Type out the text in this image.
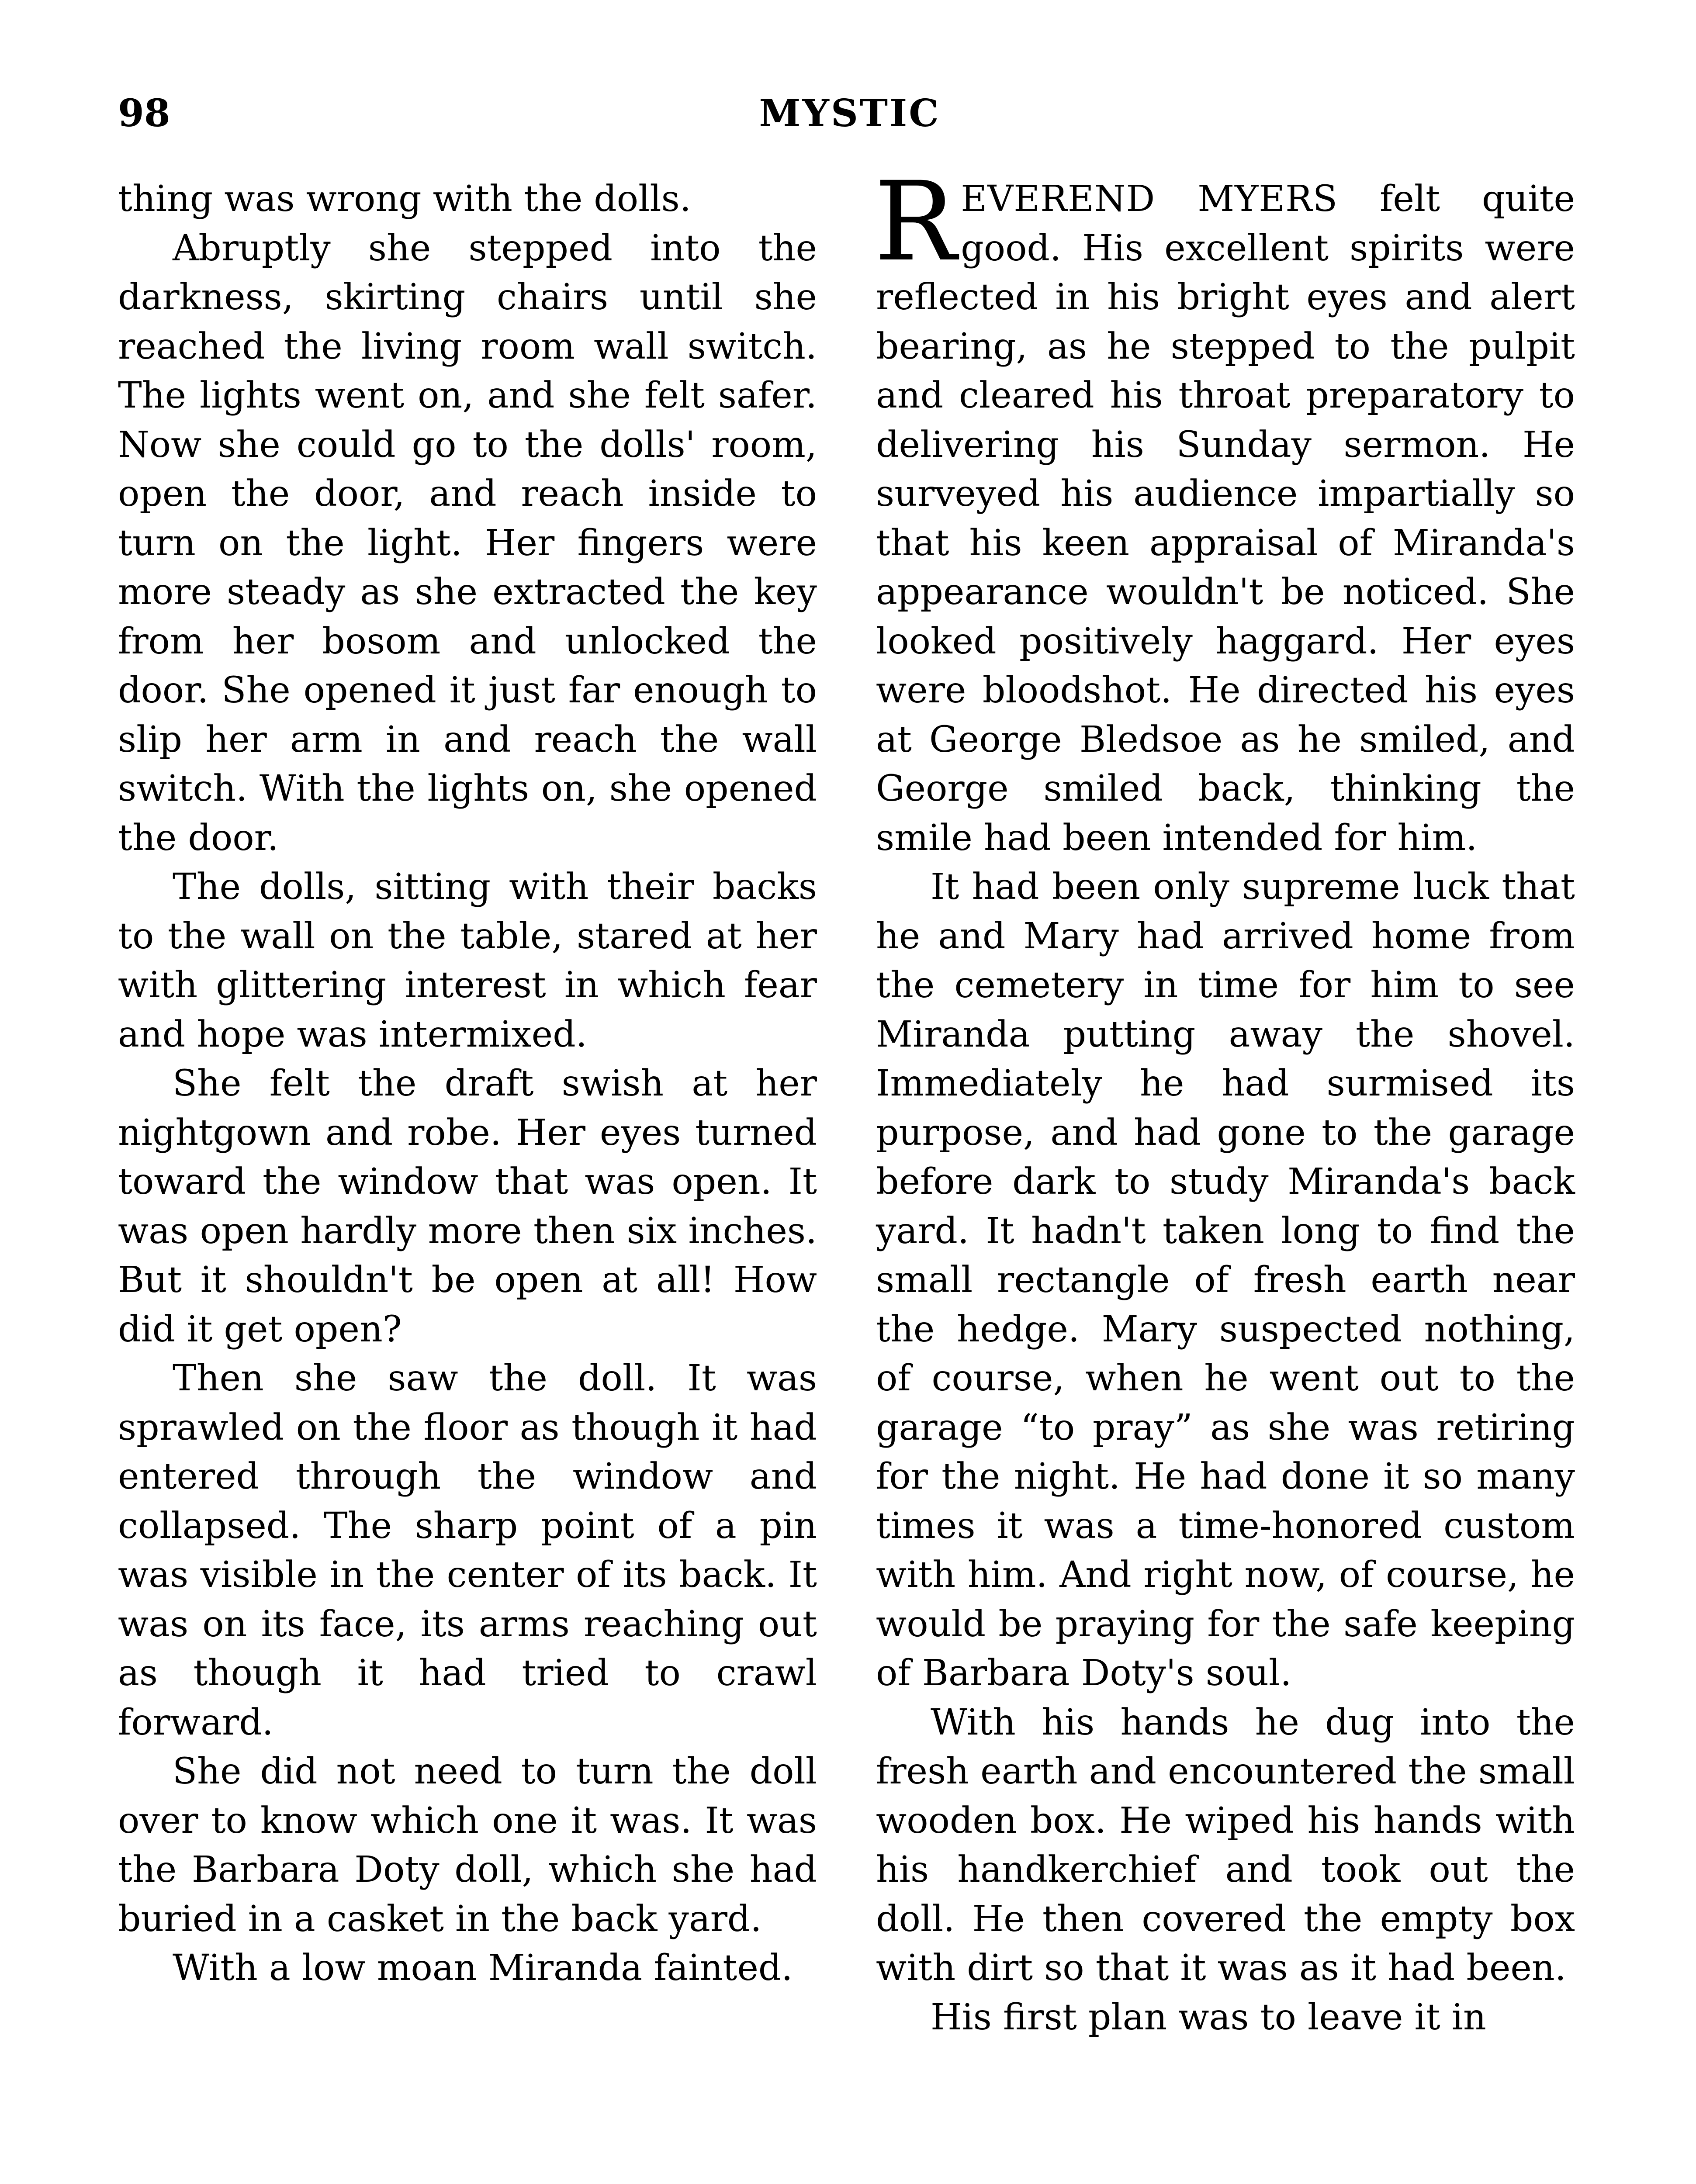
98	MYSTIC

thing was wrong with the dolls.

Abruptly she stepped into the darkness, skirting chairs until she reached the living room wall switch. The lights went on, and she felt safer. Now she could go to the dolls' room, open the door, and reach inside to turn on the light. Her fingers were more steady as she extracted the key from her bosom and unlocked the door. She opened it just far enough to slip her arm in and reach the wall switch. With the lights on, she opened the door.

The dolls, sitting with their backs to the wall on the table, stared at her with glittering interest in which fear and hope was intermixed.

She felt the draft swish at her nightgown and robe. Her eyes turned toward the window that was open. It was open hardly more then six inches. But it shouldn't be open at all! How did it get open?

Then she saw the doll. It was sprawled on the floor as though it had entered through the window and collapsed. The sharp point of a pin was visible in the center of its back. It was on its face, its arms reaching out as though it had tried to crawl forward.

She did not need to turn the doll over to know which one it was. It was the Barbara Doty doll, which she had buried in a casket in the back yard.

With a low moan Miranda fainted.

REVEREND MYERS felt quite good. His excellent spirits were reflected in his bright eyes and alert bearing, as he stepped to the pulpit and cleared his throat preparatory to delivering his Sunday sermon. He surveyed his audience impartially so that his keen appraisal of Miranda's appearance wouldn't be noticed. She looked positively haggard. Her eyes were bloodshot. He directed his eyes at George Bledsoe as he smiled, and George smiled back, thinking the smile had been intended for him.

It had been only supreme luck that he and Mary had arrived home from the cemetery in time for him to see Miranda putting away the shovel. Immediately he had surmised its purpose, and had gone to the garage before dark to study Miranda's back yard. It hadn't taken long to find the small rectangle of fresh earth near the hedge. Mary suspected nothing, of course, when he went out to the garage “to pray” as she was retiring for the night. He had done it so many times it was a time-honored custom with him. And right now, of course, he would be praying for the safe keeping of Barbara Doty's soul.

With his hands he dug into the fresh earth and encountered the small wooden box. He wiped his hands with his handkerchief and took out the doll. He then covered the empty box with dirt so that it was as it had been.

His first plan was to leave it in
